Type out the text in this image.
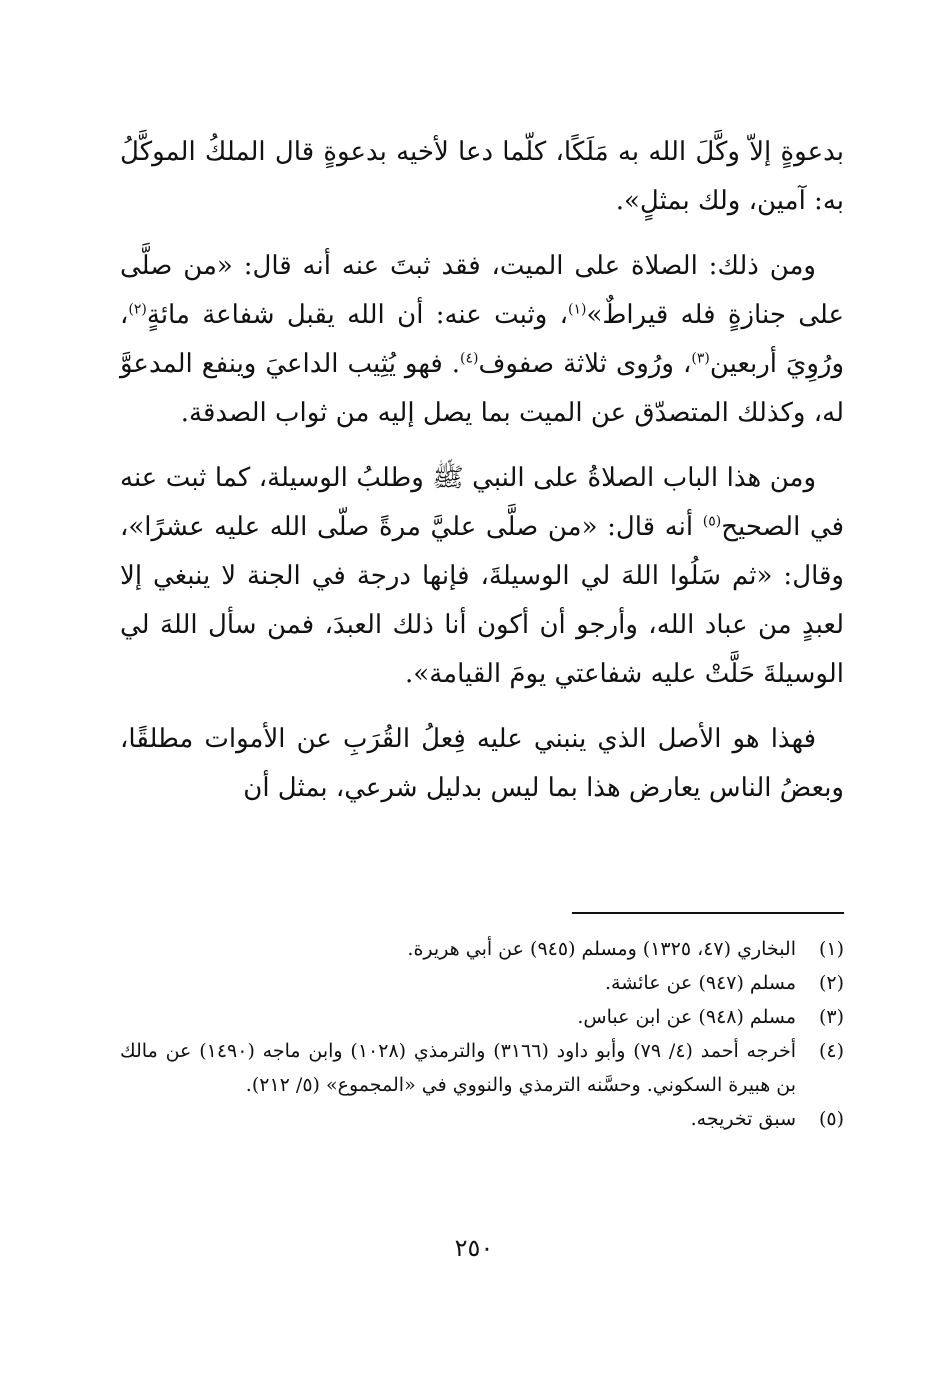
بدعوةٍ إلاّ وكَّلَ الله به مَلَكًا، كلّما دعا لأخيه بدعوةٍ قال الملكُ الموكَّلُ به: آمين، ولك بمثلٍ».

ومن ذلك: الصلاة على الميت، فقد ثبتَ عنه أنه قال: «من صلَّى على جنازةٍ فله قيراطٌ»$^{(١)}$، وثبت عنه: أن الله يقبل شفاعة مائةٍ$^{(٢)}$، ورُوِيَ أربعين$^{(٣)}$، ورُوى ثلاثة صفوف$^{(٤)}$. فهو يُثِيب الداعيَ وينفع المدعوَّ له، وكذلك المتصدّق عن الميت بما يصل إليه من ثواب الصدقة.

ومن هذا الباب الصلاةُ على النبي ﷺ وطلبُ الوسيلة، كما ثبت عنه في الصحيح$^{(٥)}$ أنه قال: «من صلَّى عليَّ مرةً صلّى الله عليه عشرًا»، وقال: «ثم سَلُوا اللهَ لي الوسيلةَ، فإنها درجة في الجنة لا ينبغي إلا لعبدٍ من عباد الله، وأرجو أن أكون أنا ذلك العبدَ، فمن سأل اللهَ لي الوسيلةَ حَلَّتْ عليه شفاعتي يومَ القيامة».

فهذا هو الأصل الذي ينبني عليه فِعلُ القُرَبِ عن الأموات مطلقًا، وبعضُ الناس يعارض هذا بما ليس بدليل شرعي، بمثل أن

(١)
البخاري (٤٧، ١٣٢٥) ومسلم (٩٤٥) عن أبي هريرة.
(٢)
مسلم (٩٤٧) عن عائشة.
(٣)
مسلم (٩٤٨) عن ابن عباس.
(٤)
أخرجه أحمد (٤/ ٧٩) وأبو داود (٣١٦٦) والترمذي (١٠٢٨) وابن ماجه (١٤٩٠) عن مالك بن هبيرة السكوني. وحسَّنه الترمذي والنووي في «المجموع» (٥/ ٢١٢).
(٥)
سبق تخريجه.
٢٥٠
